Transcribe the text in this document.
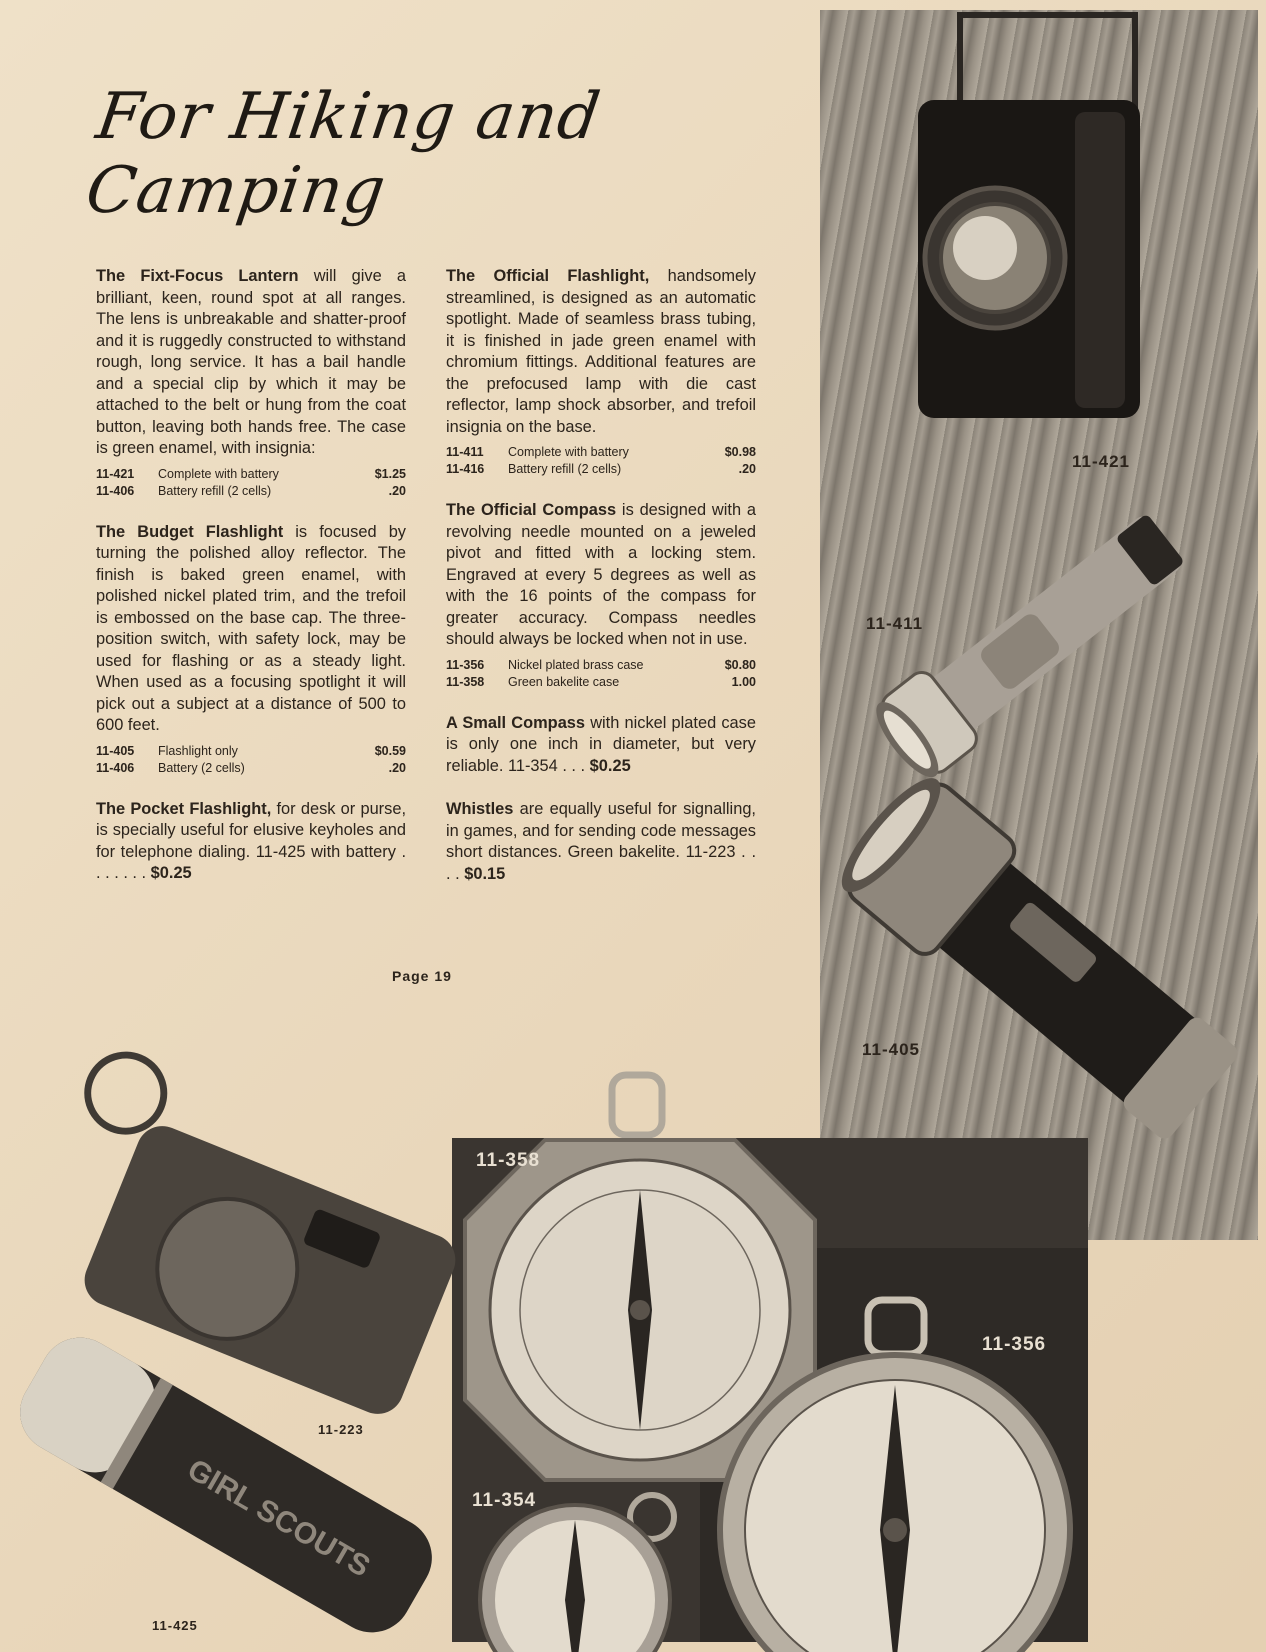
GIRL SCOUTS
For Hiking and Camping

The Fixt-Focus Lantern will give a brilliant, keen, round spot at all ranges. The lens is unbreakable and shatter-proof and it is ruggedly constructed to withstand rough, long service. It has a bail handle and a special clip by which it may be attached to the belt or hung from the coat button, leaving both hands free. The case is green enamel, with insignia:

11-421	Complete with battery	$1.25
11-406	Battery refill (2 cells)	.20

The Budget Flashlight is focused by turning the polished alloy reflector. The finish is baked green enamel, with polished nickel plated trim, and the trefoil is embossed on the base cap. The three-position switch, with safety lock, may be used for flashing or as a steady light. When used as a focusing spotlight it will pick out a subject at a distance of 500 to 600 feet.

11-405	Flashlight only	$0.59
11-406	Battery (2 cells)	.20

The Pocket Flashlight, for desk or purse, is specially useful for elusive keyholes and for telephone dialing. 11-425 with battery . . . . . . . $0.25

The Official Flashlight, handsomely streamlined, is designed as an automatic spotlight. Made of seamless brass tubing, it is finished in jade green enamel with chromium fittings. Additional features are the prefocused lamp with die cast reflector, lamp shock absorber, and trefoil insignia on the base.

11-411	Complete with battery	$0.98
11-416	Battery refill (2 cells)	.20

The Official Compass is designed with a revolving needle mounted on a jeweled pivot and fitted with a locking stem. Engraved at every 5 degrees as well as with the 16 points of the compass for greater accuracy. Compass needles should always be locked when not in use.

11-356	Nickel plated brass case	$0.80
11-358	Green bakelite case	1.00

A Small Compass with nickel plated case is only one inch in diameter, but very reliable. 11-354 . . . $0.25

Whistles are equally useful for signalling, in games, and for sending code messages short distances. Green bakelite. 11-223 . . . . $0.15

Page 19
11-421
11-411
11-405
11-358
11-356
11-354
11-223
11-425
